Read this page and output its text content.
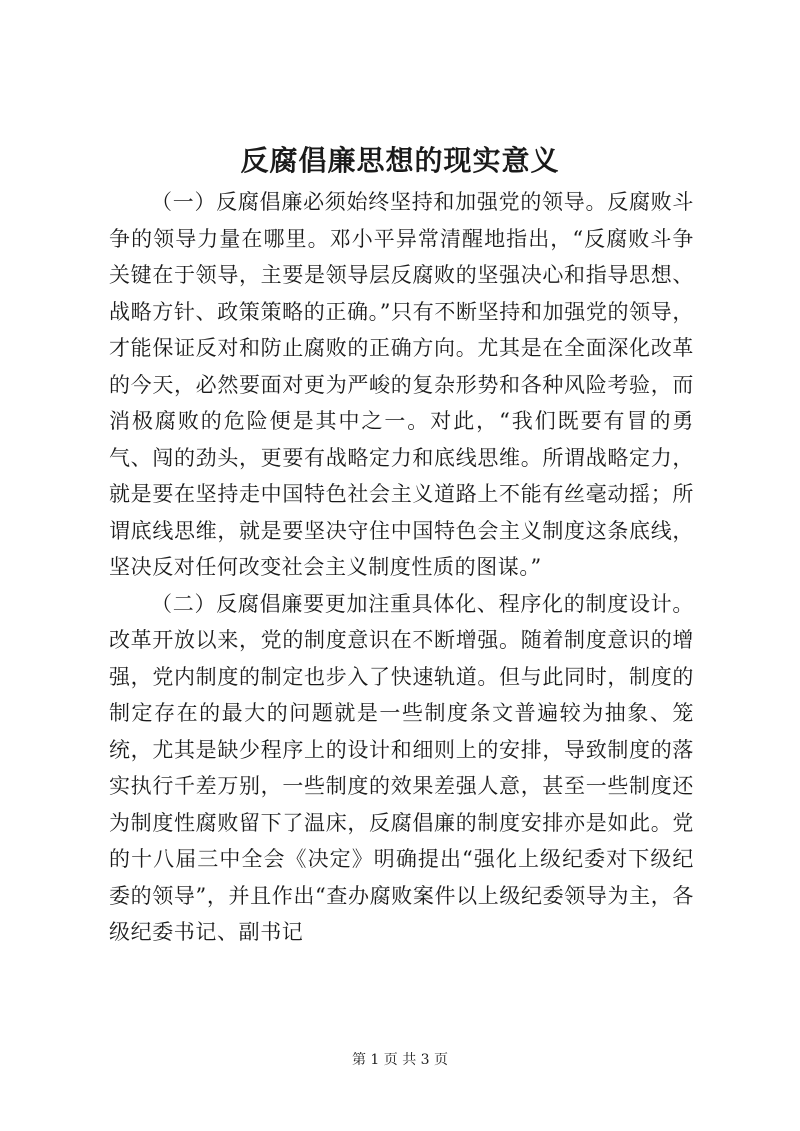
反腐倡廉思想的现实意义

（一）反腐倡廉必须始终坚持和加强党的领导。反腐败斗争的领导力量在哪里。邓小平异常清醒地指出，“反腐败斗争关键在于领导，主要是领导层反腐败的坚强决心和指导思想、战略方针、政策策略的正确。”只有不断坚持和加强党的领导，才能保证反对和防止腐败的正确方向。尤其是在全面深化改革的今天，必然要面对更为严峻的复杂形势和各种风险考验，而消极腐败的危险便是其中之一。对此，“我们既要有冒的勇气、闯的劲头，更要有战略定力和底线思维。所谓战略定力，就是要在坚持走中国特色社会主义道路上不能有丝毫动摇；所谓底线思维，就是要坚决守住中国特色会主义制度这条底线，坚决反对任何改变社会主义制度性质的图谋。”

（二）反腐倡廉要更加注重具体化、程序化的制度设计。改革开放以来，党的制度意识在不断增强。随着制度意识的增强，党内制度的制定也步入了快速轨道。但与此同时，制度的制定存在的最大的问题就是一些制度条文普遍较为抽象、笼统，尤其是缺少程序上的设计和细则上的安排，导致制度的落实执行千差万别，一些制度的效果差强人意，甚至一些制度还为制度性腐败留下了温床，反腐倡廉的制度安排亦是如此。党的十八届三中全会《决定》明确提出“强化上级纪委对下级纪委的领导”，并且作出“查办腐败案件以上级纪委领导为主，各级纪委书记、副书记

第 1 页 共 3 页
